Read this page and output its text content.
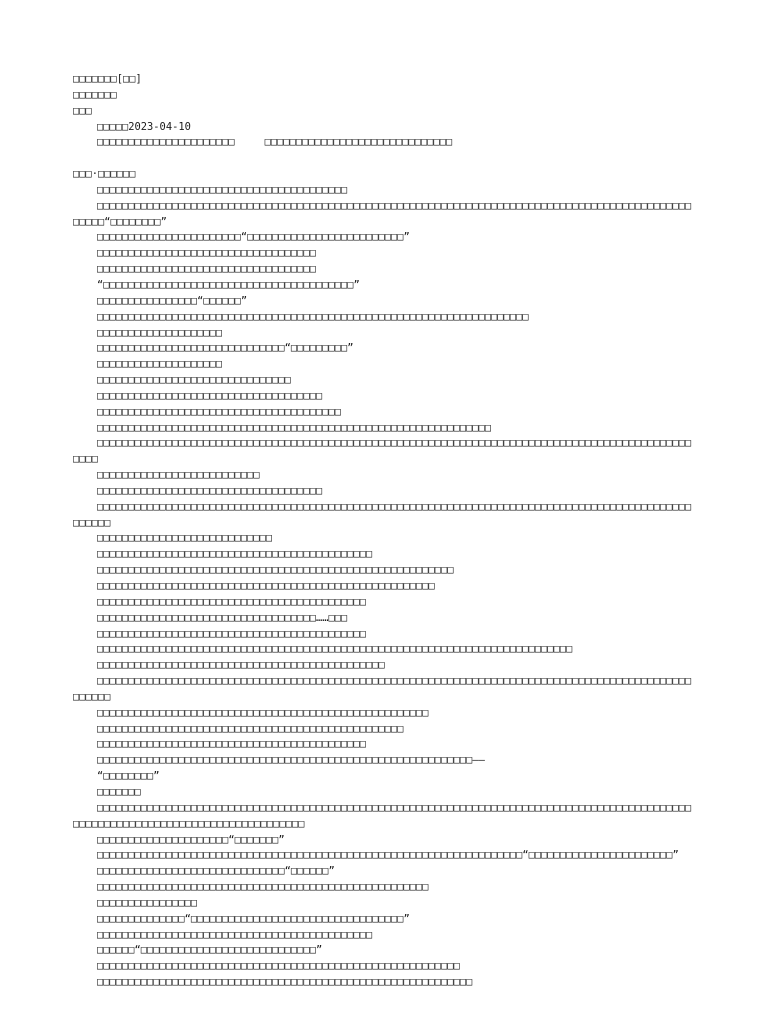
□□□□□□□[□□]
□□□□□□□
□□□
□□□□□2023-04-10
□□□□□□□□□□□□□□□□□□□□□□	□□□□□□□□□□□□□□□□□□□□□□□□□□□□□□
□□□·□□□□□□
□□□□□□□□□□□□□□□□□□□□□□□□□□□□□□□□□□□□□□□□
□□□□□□□□□□□□□□□□□□□□□□□□□□□□□□□□□□□□□□□□□□□□□□□□□□□□□□□□□□□□□□□□□□□□□□□□□□□□□□□□□□□□□□□□□□□□□□□□□□□□“□□□□□□□□”
□□□□□□□□□□□□□□□□□□□□□□□“□□□□□□□□□□□□□□□□□□□□□□□□□”
□□□□□□□□□□□□□□□□□□□□□□□□□□□□□□□□□□□
□□□□□□□□□□□□□□□□□□□□□□□□□□□□□□□□□□□
“□□□□□□□□□□□□□□□□□□□□□□□□□□□□□□□□□□□□□□□□”
□□□□□□□□□□□□□□□□“□□□□□□”
□□□□□□□□□□□□□□□□□□□□□□□□□□□□□□□□□□□□□□□□□□□□□□□□□□□□□□□□□□□□□□□□□□□□□
□□□□□□□□□□□□□□□□□□□□
□□□□□□□□□□□□□□□□□□□□□□□□□□□□□□“□□□□□□□□□”
□□□□□□□□□□□□□□□□□□□□
□□□□□□□□□□□□□□□□□□□□□□□□□□□□□□□
□□□□□□□□□□□□□□□□□□□□□□□□□□□□□□□□□□□□
□□□□□□□□□□□□□□□□□□□□□□□□□□□□□□□□□□□□□□□
□□□□□□□□□□□□□□□□□□□□□□□□□□□□□□□□□□□□□□□□□□□□□□□□□□□□□□□□□□□□□□□
□□□□□□□□□□□□□□□□□□□□□□□□□□□□□□□□□□□□□□□□□□□□□□□□□□□□□□□□□□□□□□□□□□□□□□□□□□□□□□□□□□□□□□□□□□□□□□□□□□□
□□□□□□□□□□□□□□□□□□□□□□□□□□
□□□□□□□□□□□□□□□□□□□□□□□□□□□□□□□□□□□□
□□□□□□□□□□□□□□□□□□□□□□□□□□□□□□□□□□□□□□□□□□□□□□□□□□□□□□□□□□□□□□□□□□□□□□□□□□□□□□□□□□□□□□□□□□□□□□□□□□□□□
□□□□□□□□□□□□□□□□□□□□□□□□□□□□
□□□□□□□□□□□□□□□□□□□□□□□□□□□□□□□□□□□□□□□□□□□□
□□□□□□□□□□□□□□□□□□□□□□□□□□□□□□□□□□□□□□□□□□□□□□□□□□□□□□□□□
□□□□□□□□□□□□□□□□□□□□□□□□□□□□□□□□□□□□□□□□□□□□□□□□□□□□□□
□□□□□□□□□□□□□□□□□□□□□□□□□□□□□□□□□□□□□□□□□□□
□□□□□□□□□□□□□□□□□□□□□□□□□□□□□□□□□□□……□□□
□□□□□□□□□□□□□□□□□□□□□□□□□□□□□□□□□□□□□□□□□□□
□□□□□□□□□□□□□□□□□□□□□□□□□□□□□□□□□□□□□□□□□□□□□□□□□□□□□□□□□□□□□□□□□□□□□□□□□□□□
□□□□□□□□□□□□□□□□□□□□□□□□□□□□□□□□□□□□□□□□□□□□□□
□□□□□□□□□□□□□□□□□□□□□□□□□□□□□□□□□□□□□□□□□□□□□□□□□□□□□□□□□□□□□□□□□□□□□□□□□□□□□□□□□□□□□□□□□□□□□□□□□□□□□
□□□□□□□□□□□□□□□□□□□□□□□□□□□□□□□□□□□□□□□□□□□□□□□□□□□□□
□□□□□□□□□□□□□□□□□□□□□□□□□□□□□□□□□□□□□□□□□□□□□□□□□
□□□□□□□□□□□□□□□□□□□□□□□□□□□□□□□□□□□□□□□□□□□
□□□□□□□□□□□□□□□□□□□□□□□□□□□□□□□□□□□□□□□□□□□□□□□□□□□□□□□□□□□□——
“□□□□□□□□”
□□□□□□□
□□□□□□□□□□□□□□□□□□□□□□□□□□□□□□□□□□□□□□□□□□□□□□□□□□□□□□□□□□□□□□□□□□□□□□□□□□□□□□□□□□□□□□□□□□□□□□□□□□□□□□□□□□□□□□□□□□□□□□□□□□□□□□□□□□□□
□□□□□□□□□□□□□□□□□□□□□“□□□□□□□”
□□□□□□□□□□□□□□□□□□□□□□□□□□□□□□□□□□□□□□□□□□□□□□□□□□□□□□□□□□□□□□□□□□□□“□□□□□□□□□□□□□□□□□□□□□□□”
□□□□□□□□□□□□□□□□□□□□□□□□□□□□□□“□□□□□□”
□□□□□□□□□□□□□□□□□□□□□□□□□□□□□□□□□□□□□□□□□□□□□□□□□□□□□
□□□□□□□□□□□□□□□□
□□□□□□□□□□□□□□“□□□□□□□□□□□□□□□□□□□□□□□□□□□□□□□□□□”
□□□□□□□□□□□□□□□□□□□□□□□□□□□□□□□□□□□□□□□□□□□□
□□□□□□“□□□□□□□□□□□□□□□□□□□□□□□□□□□□”
□□□□□□□□□□□□□□□□□□□□□□□□□□□□□□□□□□□□□□□□□□□□□□□□□□□□□□□□□□
□□□□□□□□□□□□□□□□□□□□□□□□□□□□□□□□□□□□□□□□□□□□□□□□□□□□□□□□□□□□
